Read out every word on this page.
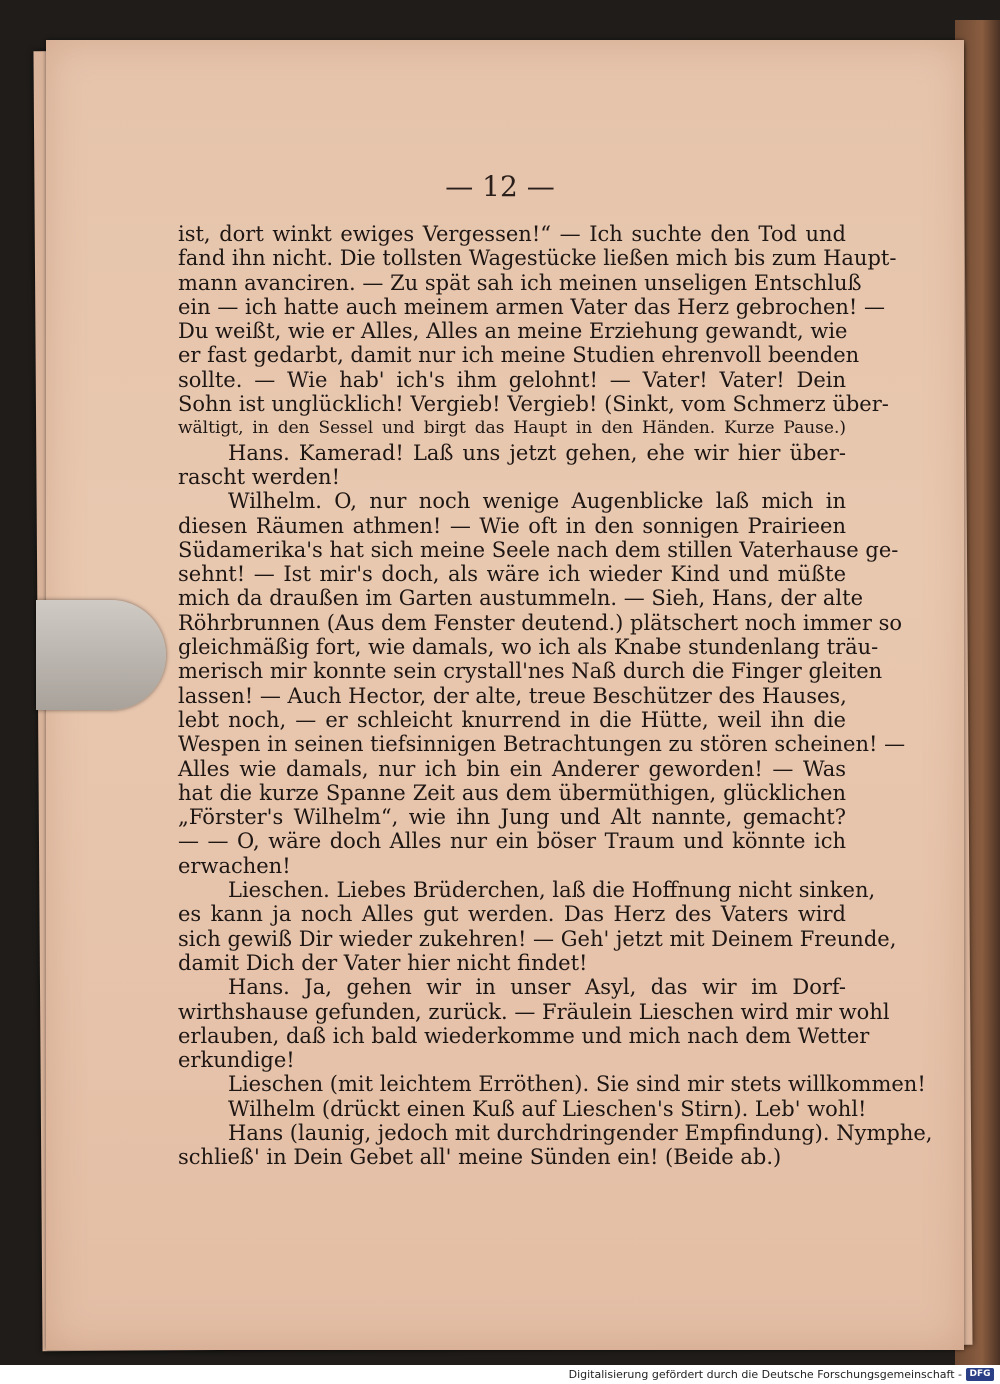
— 12 —
ist, dort winkt ewiges Vergessen!“ — Ich suchte den Tod und
fand ihn nicht. Die tollsten Wagestücke ließen mich bis zum Haupt-
mann avanciren. — Zu spät sah ich meinen unseligen Entschluß
ein — ich hatte auch meinem armen Vater das Herz gebrochen! —
Du weißt, wie er Alles, Alles an meine Erziehung gewandt, wie
er fast gedarbt, damit nur ich meine Studien ehrenvoll beenden
sollte. — Wie hab' ich's ihm gelohnt! — Vater! Vater! Dein
Sohn ist unglücklich! Vergieb! Vergieb! (Sinkt, vom Schmerz über-
wältigt, in den Sessel und birgt das Haupt in den Händen. Kurze Pause.)
Hans. Kamerad! Laß uns jetzt gehen, ehe wir hier über-
rascht werden!
Wilhelm. O, nur noch wenige Augenblicke laß mich in
diesen Räumen athmen! — Wie oft in den sonnigen Prairieen
Südamerika's hat sich meine Seele nach dem stillen Vaterhause ge-
sehnt! — Ist mir's doch, als wäre ich wieder Kind und müßte
mich da draußen im Garten austummeln. — Sieh, Hans, der alte
Röhrbrunnen (Aus dem Fenster deutend.) plätschert noch immer so
gleichmäßig fort, wie damals, wo ich als Knabe stundenlang träu-
merisch mir konnte sein crystall'nes Naß durch die Finger gleiten
lassen! — Auch Hector, der alte, treue Beschützer des Hauses,
lebt noch, — er schleicht knurrend in die Hütte, weil ihn die
Wespen in seinen tiefsinnigen Betrachtungen zu stören scheinen! —
Alles wie damals, nur ich bin ein Anderer geworden! — Was
hat die kurze Spanne Zeit aus dem übermüthigen, glücklichen
„Förster's Wilhelm“, wie ihn Jung und Alt nannte, gemacht?
— — O, wäre doch Alles nur ein böser Traum und könnte ich
erwachen!
Lieschen. Liebes Brüderchen, laß die Hoffnung nicht sinken,
es kann ja noch Alles gut werden. Das Herz des Vaters wird
sich gewiß Dir wieder zukehren! — Geh' jetzt mit Deinem Freunde,
damit Dich der Vater hier nicht findet!
Hans. Ja, gehen wir in unser Asyl, das wir im Dorf-
wirthshause gefunden, zurück. — Fräulein Lieschen wird mir wohl
erlauben, daß ich bald wiederkomme und mich nach dem Wetter
erkundige!
Lieschen (mit leichtem Erröthen). Sie sind mir stets willkommen!
Wilhelm (drückt einen Kuß auf Lieschen's Stirn). Leb' wohl!
Hans (launig, jedoch mit durchdringender Empfindung). Nymphe,
schließ' in Dein Gebet all' meine Sünden ein! (Beide ab.)
Digitalisierung gefördert durch die Deutsche Forschungsgemeinschaft - DFG
